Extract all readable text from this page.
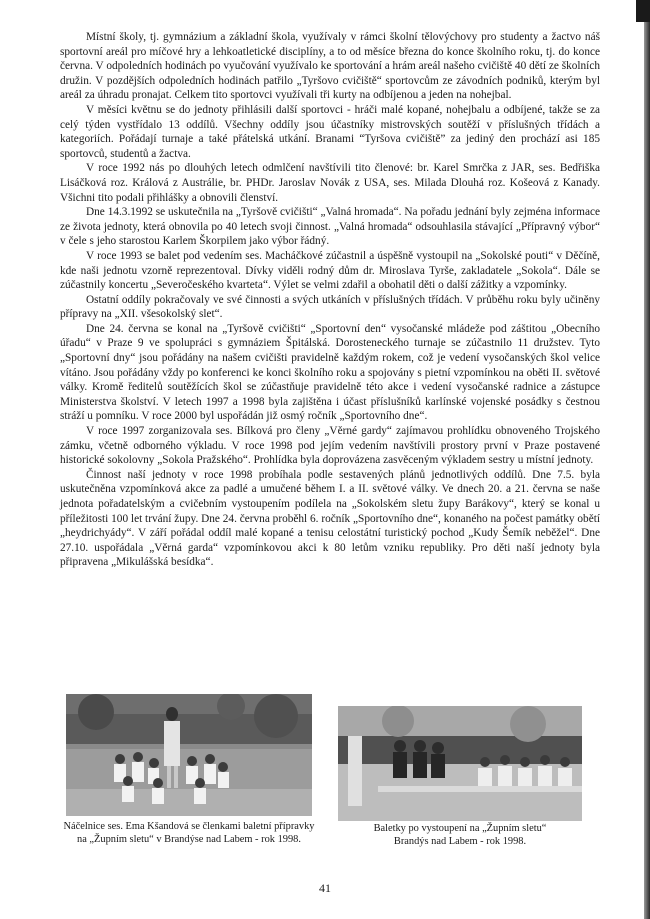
Místní školy, tj. gymnázium a základní škola, využívaly v rámci školní tělovýchovy pro studenty a žactvo náš sportovní areál pro míčové hry a lehkoatletické disciplíny, a to od měsíce března do konce školního roku, tj. do konce června. V odpoledních hodinách po vyučování využívalo ke sportování a hrám areál našeho cvičiště 40 dětí ze školních družin. V pozdějších odpoledních hodinách patřilo „Tyršovo cvičiště“ sportovcům ze závodních podniků, kterým byl areál za úhradu pronajat. Celkem tito sportovci využívali tři kurty na odbíjenou a jeden na nohejbal.

V měsíci květnu se do jednoty přihlásili další sportovci - hráči malé kopané, nohejbalu a odbíjené, takže se za celý týden vystřídalo 13 oddílů. Všechny oddíly jsou účastníky mistrovských soutěží v příslušných třídách a kategoriích. Pořádají turnaje a také přátelská utkání. Branami “Tyršova cvičiště” za jediný den prochází asi 185 sportovců, studentů a žactva.

V roce 1992 nás po dlouhých letech odmlčení navštívili tito členové: br. Karel Smrčka z JAR, ses. Bedřiška Lisáčková roz. Králová z Austrálie, br. PHDr. Jaroslav Novák z USA, ses. Milada Dlouhá roz. Košeová z Kanady. Všichni tito podali přihlášky a obnovili členství.

Dne 14.3.1992 se uskutečnila na „Tyršově cvičišti“ „Valná hromada“. Na pořadu jednání byly zejména informace ze života jednoty, která obnovila po 40 letech svoji činnost. „Valná hromada“ odsouhlasila stávající „Přípravný výbor“ v čele s jeho starostou Karlem Škorpilem jako výbor řádný.

V roce 1993 se balet pod vedením ses. Macháčkové zúčastnil a úspěšně vystoupil na „Sokolské pouti“ v Děčíně, kde naši jednotu vzorně reprezentoval. Dívky viděli rodný dům dr. Miroslava Tyrše, zakladatele „Sokola“. Dále se zúčastnily koncertu „Severočeského kvarteta“. Výlet se velmi zdařil a obohatil děti o další zážitky a vzpomínky.

Ostatní oddíly pokračovaly ve své činnosti a svých utkáních v příslušných třídách. V průběhu roku byly učiněny přípravy na „XII. všesokolský slet“.

Dne 24. června se konal na „Tyršově cvičišti“ „Sportovní den“ vysočanské mládeže pod záštitou „Obecního úřadu“ v Praze 9 ve spolupráci s gymnáziem Špitálská. Dorosteneckého turnaje se zúčastnilo 11 družstev. Tyto „Sportovní dny“ jsou pořádány na našem cvičišti pravidelně každým rokem, což je vedení vysočanských škol velice vítáno. Jsou pořádány vždy po konferenci ke konci školního roku a spojovány s pietní vzpomínkou na oběti II. světové války. Kromě ředitelů soutěžících škol se zúčastňuje pravidelně této akce i vedení vysočanské radnice a zástupce Ministerstva školství. V letech 1997 a 1998 byla zajištěna i účast příslušníků karlínské vojenské posádky s čestnou stráží u pomníku. V roce 2000 byl uspořádán již osmý ročník „Sportovního dne“.

V roce 1997 zorganizovala ses. Bílková pro členy „Věrné gardy“ zajímavou prohlídku obnoveného Trojského zámku, včetně odborného výkladu. V roce 1998 pod jejím vedením navštívili prostory první v Praze postavené historické sokolovny „Sokola Pražského“. Prohlídka byla doprovázena zasvěceným výkladem sestry u místní jednoty.

Činnost naší jednoty v roce 1998 probíhala podle sestavených plánů jednotlivých oddílů. Dne 7.5. byla uskutečněna vzpomínková akce za padlé a umučené během I. a II. světové války. Ve dnech 20. a 21. června se naše jednota pořadatelským a cvičebním vystoupením podílela na „Sokolském sletu župy Barákovy“, který se konal u příležitosti 100 let trvání župy. Dne 24. června proběhl 6. ročník „Sportovního dne“, konaného na počest památky obětí „heydrichyády“. V září pořádal oddíl malé kopané a tenisu celostátní turistický pochod „Kudy Šemík neběžel“. Dne 27.10. uspořádala „Věrná garda“ vzpomínkovou akci k 80 letům vzniku republiky. Pro děti naší jednoty byla připravena „Mikulášská besídka“.

Náčelnice ses. Ema Kšandová se členkami baletní přípravky
na „Župním sletu“ v Brandýse nad Labem - rok 1998.
Baletky po vystoupení na „Župním sletu“
Brandýs nad Labem - rok 1998.
41
